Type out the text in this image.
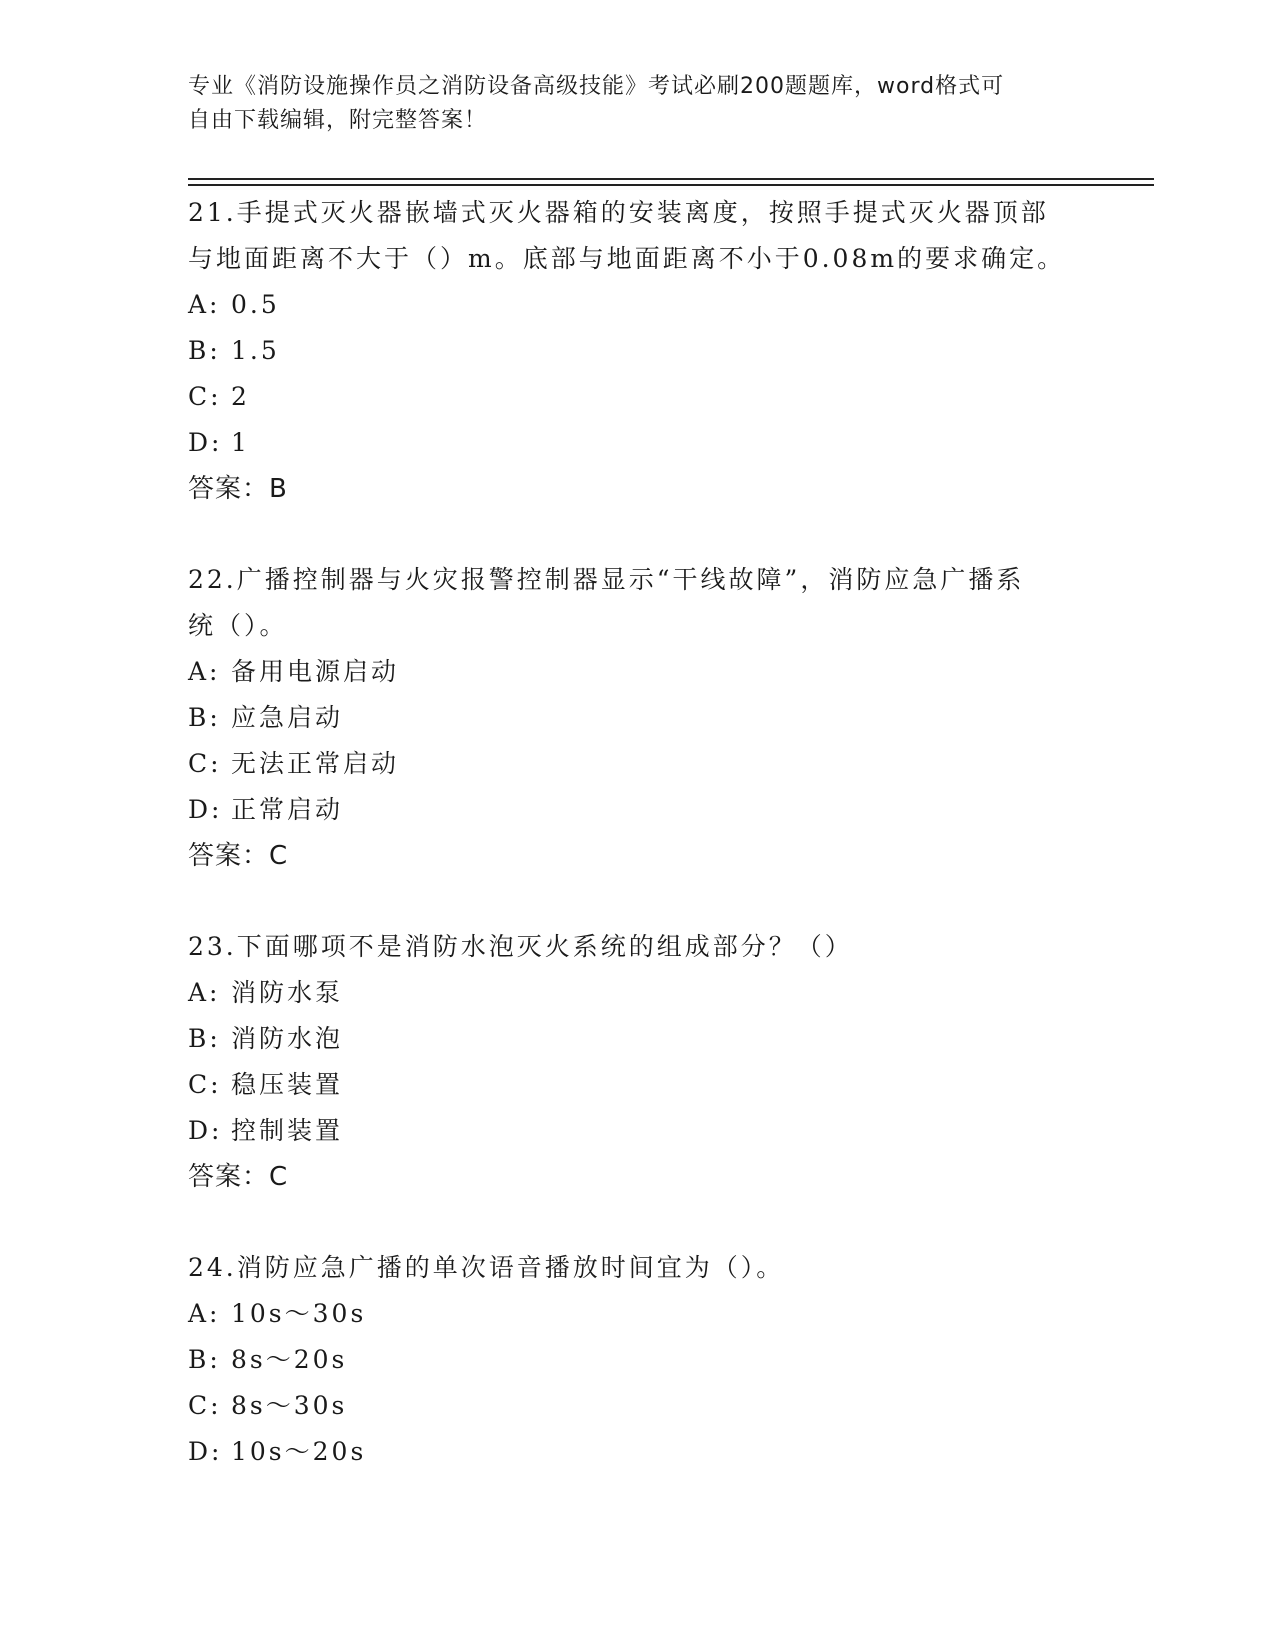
专业《消防设施操作员之消防设备高级技能》考试必刷200题题库，word格式可
自由下载编辑，附完整答案！

21.手提式灭火器嵌墙式灭火器箱的安装离度，按照手提式灭火器顶部

与地面距离不大于（）m。底部与地面距离不小于0.08m的要求确定。

A: 0.5

B: 1.5

C: 2

D: 1

答案：B

22.广播控制器与火灾报警控制器显示“干线故障”，消防应急广播系

统（）。

A: 备用电源启动

B: 应急启动

C: 无法正常启动

D: 正常启动

答案：C

23.下面哪项不是消防水泡灭火系统的组成部分？（）

A: 消防水泵

B: 消防水泡

C: 稳压装置

D: 控制装置

答案：C

24.消防应急广播的单次语音播放时间宜为（）。

A: 10s～30s

B: 8s～20s

C: 8s～30s

D: 10s～20s
